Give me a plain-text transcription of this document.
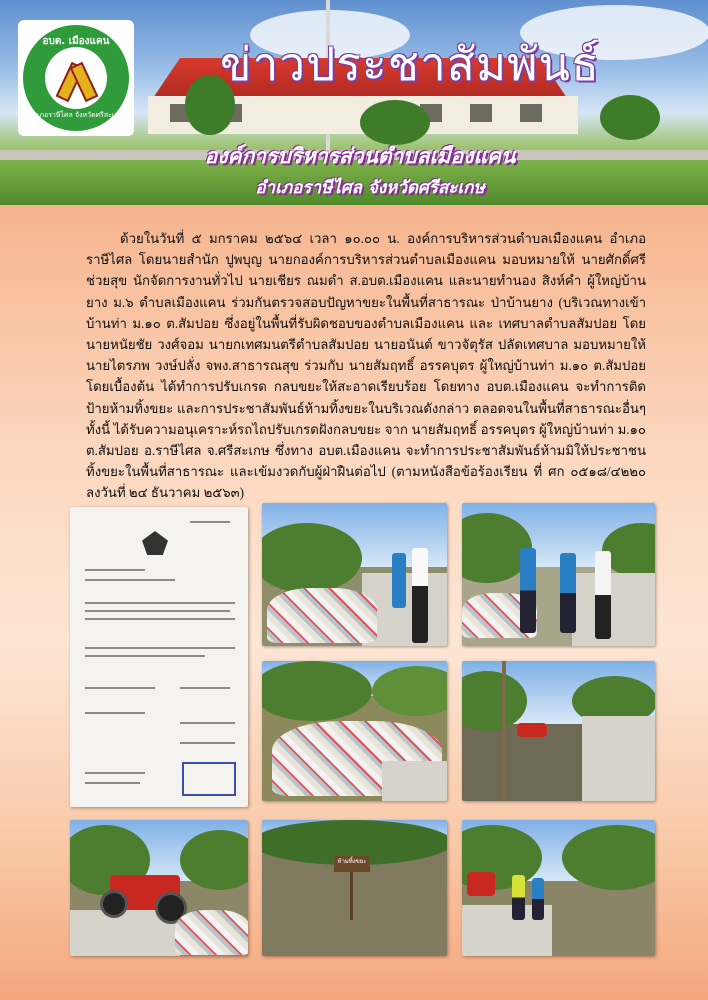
อบต. เมืองแคน
อำเภอราษีไศล จังหวัดศรีสะเกษ
ข่าวประชาสัมพันธ์
องค์การบริหารส่วนตำบลเมืองแคน
อำเภอราษีไศล จังหวัดศรีสะเกษ

ด้วยในวันที่ ๕ มกราคม ๒๕๖๔ เวลา ๑๐.๐๐ น. องค์การบริหารส่วนตำบลเมืองแคน อำเภอราษีไศล โดยนายสำนัก ปูพบุญ นายกองค์การบริหารส่วนตำบลเมืองแคน มอบหมายให้ นายศักดิ์ศรี ช่วยสุข นักจัดการงานทั่วไป นายเชียร ณมดำ ส.อบต.เมืองแคน และนายทำนอง สิงห์คำ ผู้ใหญ่บ้านยาง ม.๖ ตำบลเมืองแคน ร่วมกันตรวจสอบปัญหาขยะในพื้นที่สาธารณะ ป่าบ้านยาง (บริเวณทางเข้าบ้านท่า ม.๑๐ ต.สัมปอย ซึ่งอยู่ในพื้นที่รับผิดชอบของตำบลเมืองแคน และ เทศบาลตำบลสัมปอย โดยนายหนัยชัย วงศ์จอม นายกเทศมนตรีตำบลสัมปอย นายอนันต์ ขาวจัตุรัส ปลัดเทศบาล มอบหมายให้ นายไตรภพ วงษ์ปลั่ง จพง.สาธารณสุข ร่วมกับ นายสัมฤทธิ์ อรรคบุตร ผู้ใหญ่บ้านท่า ม.๑๐ ต.สัมปอย โดยเบื้องต้น ได้ทำการปรับเกรด กลบขยะให้สะอาดเรียบร้อย โดยทาง อบต.เมืองแคน จะทำการติดป้ายห้ามทิ้งขยะ และการประชาสัมพันธ์ห้ามทิ้งขยะในบริเวณดังกล่าว ตลอดจนในพื้นที่สาธารณะอื่นๆ ทั้งนี้ ได้รับความอนุเคราะห์รถไถปรับเกรดฝังกลบขยะ จาก นายสัมฤทธิ์ อรรคบุตร ผู้ใหญ่บ้านท่า ม.๑๐ ต.สัมปอย อ.ราษีไศล จ.ศรีสะเกษ ซึ่งทาง อบต.เมืองแคน จะทำการประชาสัมพันธ์ห้ามมิให้ประชาชนทิ้งขยะในพื้นที่สาธารณะ และเข้มงวดกับผู้ฝ่าฝืนต่อไป (ตามหนังสือข้อร้องเรียน ที่ ศก ๐๕๑๘/๔๒๒๐ ลงวันที่ ๒๔ ธันวาคม ๒๕๖๓)

ห้ามทิ้งขยะ
